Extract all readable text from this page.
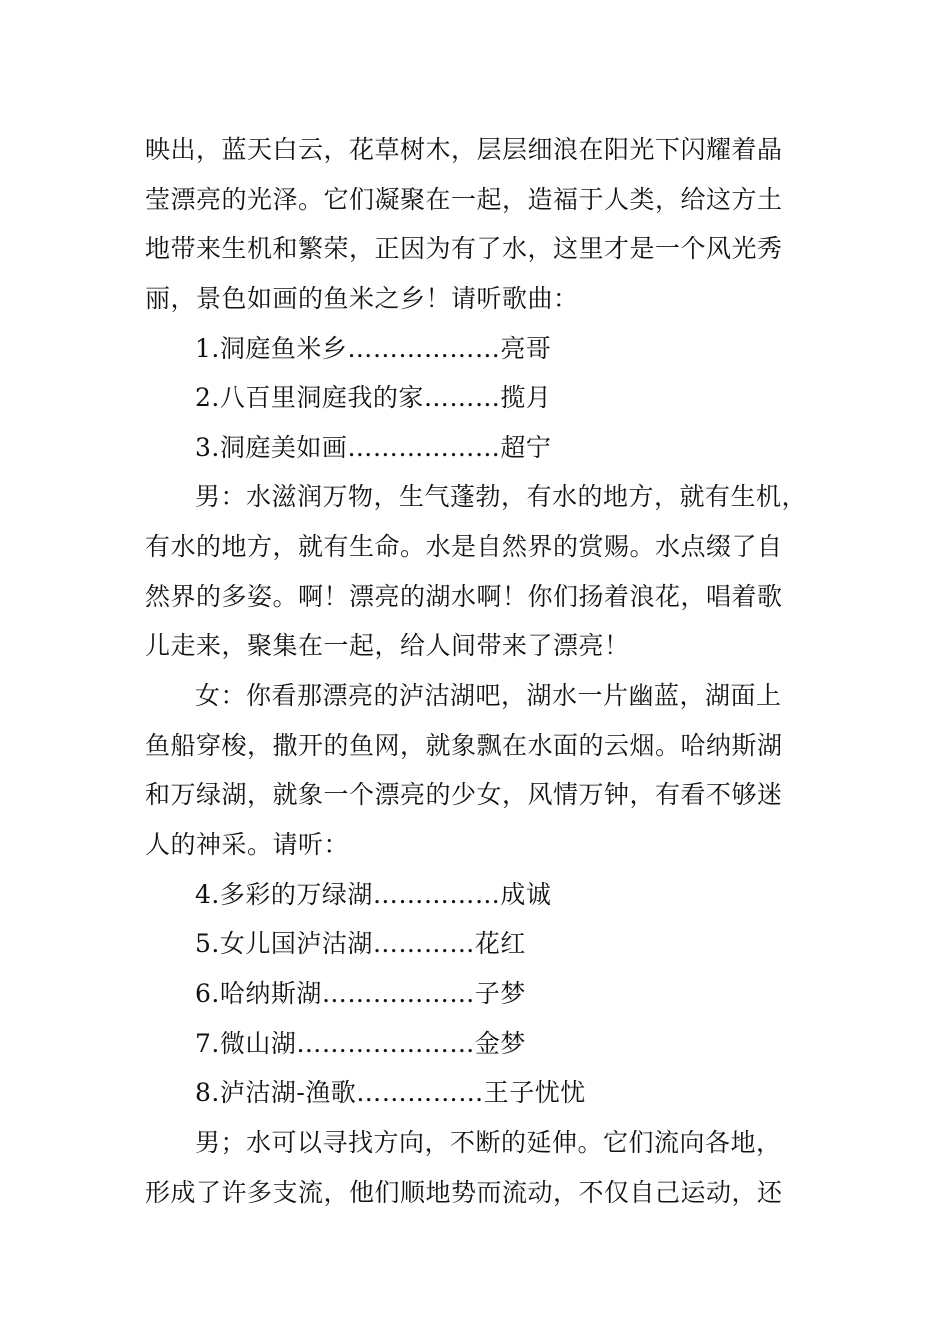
映出，蓝天白云，花草树木，层层细浪在阳光下闪耀着晶
莹漂亮的光泽。它们凝聚在一起，造福于人类，给这方土
地带来生机和繁荣，正因为有了水，这里才是一个风光秀
丽，景色如画的鱼米之乡！请听歌曲：
1.洞庭鱼米乡………………亮哥
2.八百里洞庭我的家………揽月
3.洞庭美如画………………超宁
男：水滋润万物，生气蓬勃，有水的地方，就有生机，
有水的地方，就有生命。水是自然界的赏赐。水点缀了自
然界的多姿。啊！漂亮的湖水啊！你们扬着浪花，唱着歌
儿走来，聚集在一起，给人间带来了漂亮！
女：你看那漂亮的泸沽湖吧，湖水一片幽蓝，湖面上
鱼船穿梭，撒开的鱼网，就象飘在水面的云烟。哈纳斯湖
和万绿湖，就象一个漂亮的少女，风情万钟，有看不够迷
人的神采。请听：
4.多彩的万绿湖……………成诚
5.女儿国泸沽湖…………花红
6.哈纳斯湖………………子梦
7.微山湖…………………金梦
8.泸沽湖-渔歌……………王子忧忧
男；水可以寻找方向，不断的延伸。它们流向各地，
形成了许多支流，他们顺地势而流动，不仅自己运动，还
